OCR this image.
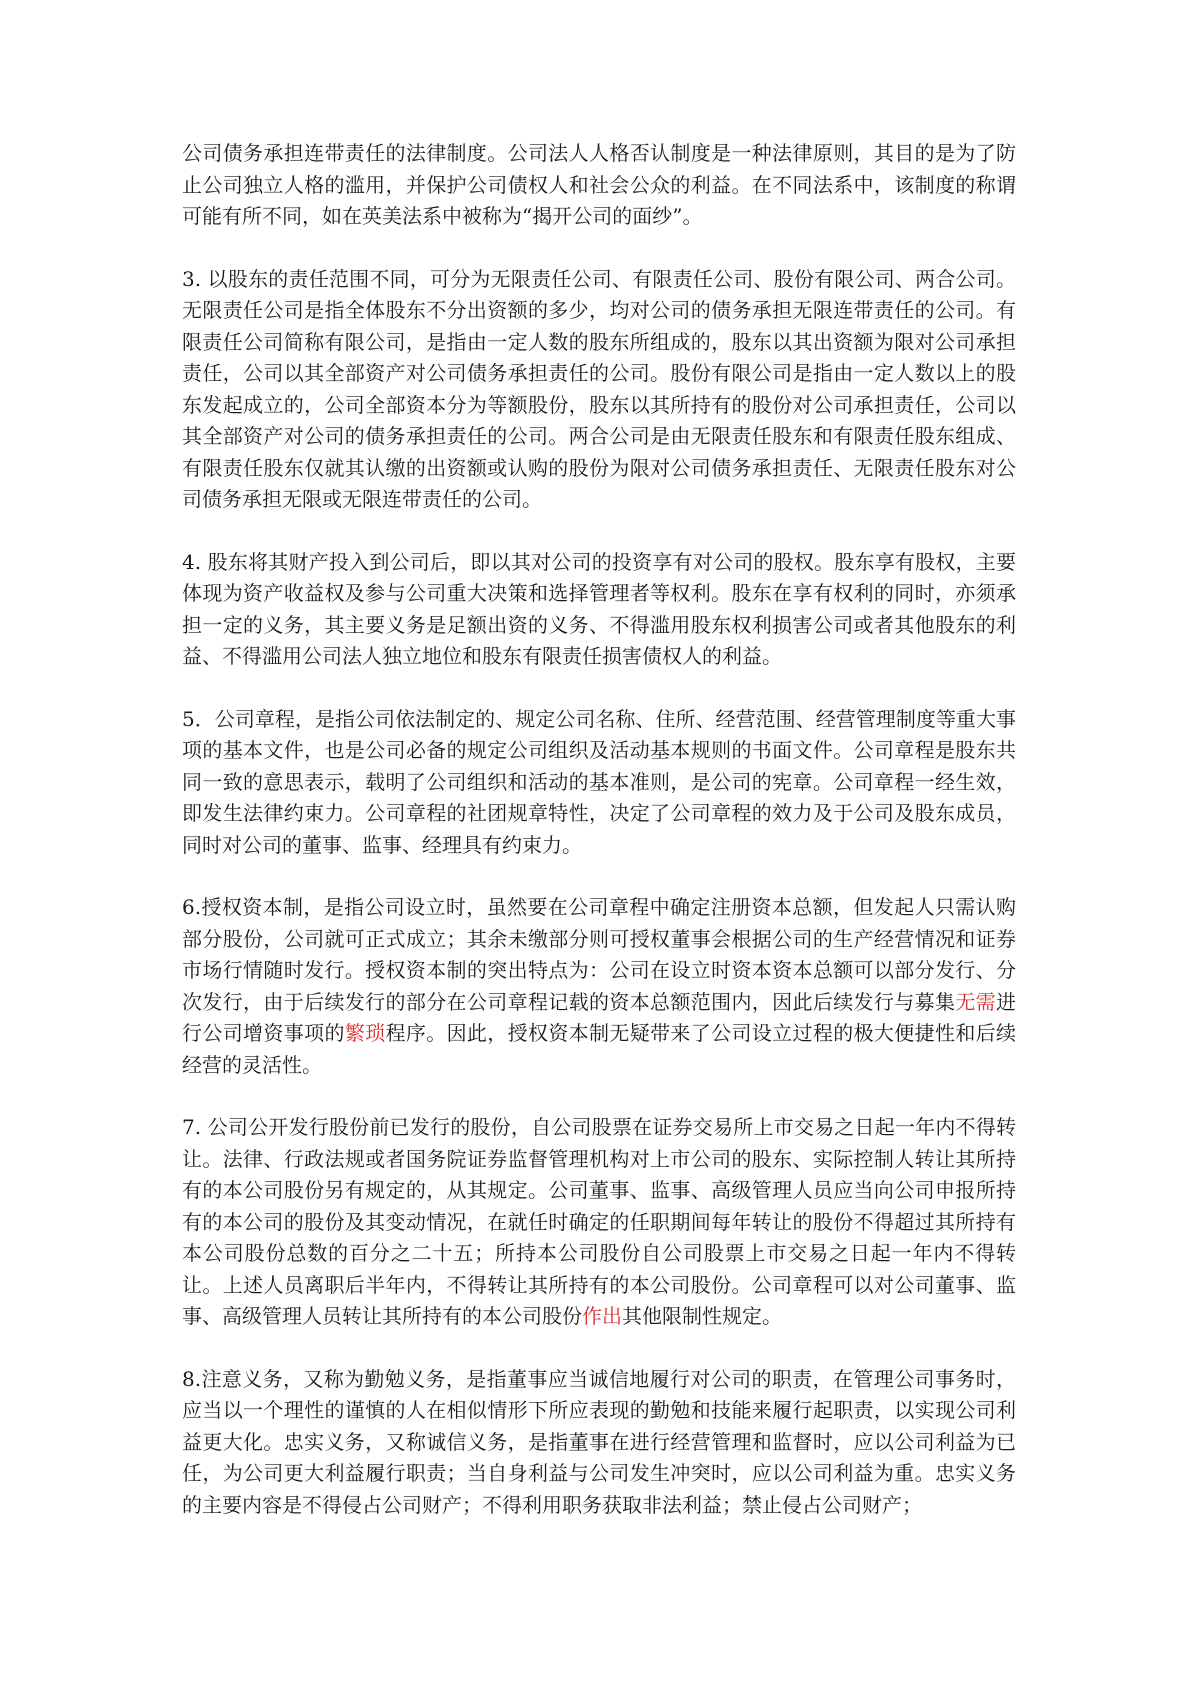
公司债务承担连带责任的法律制度。公司法人人格否认制度是一种法律原则，其目的是为了防止公司独立人格的滥用，并保护公司债权人和社会公众的利益。在不同法系中，该制度的称谓可能有所不同，如在英美法系中被称为“揭开公司的面纱”。

3. 以股东的责任范围不同，可分为无限责任公司、有限责任公司、股份有限公司、两合公司。无限责任公司是指全体股东不分出资额的多少，均对公司的债务承担无限连带责任的公司。有限责任公司简称有限公司，是指由一定人数的股东所组成的，股东以其出资额为限对公司承担责任，公司以其全部资产对公司债务承担责任的公司。股份有限公司是指由一定人数以上的股东发起成立的，公司全部资本分为等额股份，股东以其所持有的股份对公司承担责任，公司以其全部资产对公司的债务承担责任的公司。两合公司是由无限责任股东和有限责任股东组成、有限责任股东仅就其认缴的出资额或认购的股份为限对公司债务承担责任、无限责任股东对公司债务承担无限或无限连带责任的公司。

4. 股东将其财产投入到公司后，即以其对公司的投资享有对公司的股权。股东享有股权，主要体现为资产收益权及参与公司重大决策和选择管理者等权利。股东在享有权利的同时，亦须承担一定的义务，其主要义务是足额出资的义务、不得滥用股东权利损害公司或者其他股东的利益、不得滥用公司法人独立地位和股东有限责任损害债权人的利益。

5．公司章程，是指公司依法制定的、规定公司名称、住所、经营范围、经营管理制度等重大事项的基本文件，也是公司必备的规定公司组织及活动基本规则的书面文件。公司章程是股东共同一致的意思表示，载明了公司组织和活动的基本准则，是公司的宪章。公司章程一经生效，即发生法律约束力。公司章程的社团规章特性，决定了公司章程的效力及于公司及股东成员，同时对公司的董事、监事、经理具有约束力。

6.授权资本制，是指公司设立时，虽然要在公司章程中确定注册资本总额，但发起人只需认购部分股份，公司就可正式成立；其余未缴部分则可授权董事会根据公司的生产经营情况和证券市场行情随时发行。授权资本制的突出特点为：公司在设立时资本资本总额可以部分发行、分次发行，由于后续发行的部分在公司章程记载的资本总额范围内，因此后续发行与募集无需进行公司增资事项的繁琐程序。因此，授权资本制无疑带来了公司设立过程的极大便捷性和后续经营的灵活性。

7. 公司公开发行股份前已发行的股份，自公司股票在证券交易所上市交易之日起一年内不得转让。法律、行政法规或者国务院证券监督管理机构对上市公司的股东、实际控制人转让其所持有的本公司股份另有规定的，从其规定。公司董事、监事、高级管理人员应当向公司申报所持有的本公司的股份及其变动情况，在就任时确定的任职期间每年转让的股份不得超过其所持有本公司股份总数的百分之二十五；所持本公司股份自公司股票上市交易之日起一年内不得转让。上述人员离职后半年内，不得转让其所持有的本公司股份。公司章程可以对公司董事、监事、高级管理人员转让其所持有的本公司股份作出其他限制性规定。

8.注意义务，又称为勤勉义务，是指董事应当诚信地履行对公司的职责，在管理公司事务时，应当以一个理性的谨慎的人在相似情形下所应表现的勤勉和技能来履行起职责，以实现公司利益更大化。忠实义务，又称诚信义务，是指董事在进行经营管理和监督时，应以公司利益为已任，为公司更大利益履行职责；当自身利益与公司发生冲突时，应以公司利益为重。忠实义务的主要内容是不得侵占公司财产；不得利用职务获取非法利益；禁止侵占公司财产；
